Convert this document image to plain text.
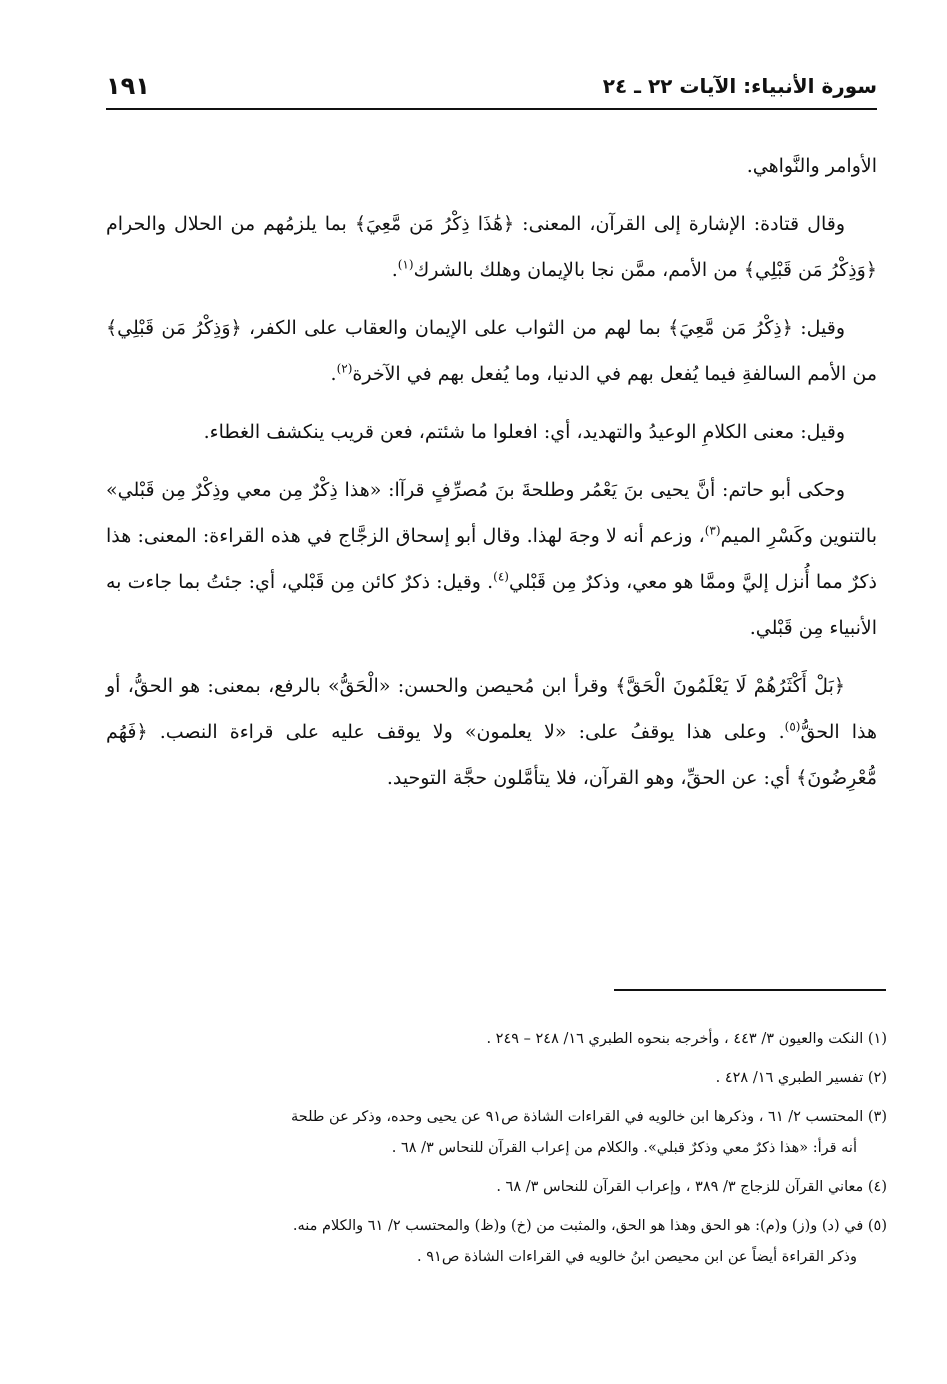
سورة الأنبياء: الآيات ٢٢ ـ ٢٤
١٩١

الأوامر والنَّواهي.

وقال قتادة: الإشارة إلى القرآن، المعنى: ﴿هَٰذَا ذِكْرُ مَن مَّعِيَ﴾ بما يلزمُهم من الحلال والحرام ﴿وَذِكْرُ مَن قَبْلِي﴾ من الأمم، ممَّن نجا بالإيمان وهلك بالشرك$^{(١)}$.

وقيل: ﴿ذِكْرُ مَن مَّعِيَ﴾ بما لهم من الثواب على الإيمان والعقاب على الكفر، ﴿وَذِكْرُ مَن قَبْلِي﴾ من الأمم السالفةِ فيما يُفعل بهم في الدنيا، وما يُفعل بهم في الآخرة$^{(٢)}$.

وقيل: معنى الكلامِ الوعيدُ والتهديد، أي: افعلوا ما شئتم، فعن قريب ينكشف الغطاء.

وحكى أبو حاتم: أنَّ يحيى بنَ يَعْمُر وطلحةَ بنَ مُصرِّفٍ قرآا: «هذا ذِكْرٌ مِن معي وذِكْرٌ مِن قَبْلي» بالتنوين وكَسْرِ الميم$^{(٣)}$، وزعم أنه لا وجهَ لهذا. وقال أبو إسحاق الزجَّاج في هذه القراءة: المعنى: هذا ذكرٌ مما أُنزل إليَّ وممَّا هو معي، وذكرٌ مِن قَبْلي$^{(٤)}$. وقيل: ذكرٌ كائن مِن قَبْلي، أي: جئتُ بما جاءت به الأنبياء مِن قَبْلي.

﴿بَلْ أَكْثَرُهُمْ لَا يَعْلَمُونَ الْحَقَّ﴾ وقرأ ابن مُحيصن والحسن: «الْحَقُّ» بالرفع، بمعنى: هو الحقُّ، أو هذا الحقُّ$^{(٥)}$. وعلى هذا يوقفُ على: «لا يعلمون» ولا يوقف عليه على قراءة النصب. ﴿فَهُم مُّعْرِضُونَ﴾ أي: عن الحقِّ، وهو القرآن، فلا يتأمَّلون حجَّة التوحيد.

(١) النكت والعيون ٣/ ٤٤٣ ، وأخرجه بنحوه الطبري ١٦/ ٢٤٨ – ٢٤٩ .

(٢) تفسير الطبري ١٦/ ٤٢٨ .

(٣) المحتسب ٢/ ٦١ ، وذكرها ابن خالويه في القراءات الشاذة ص٩١ عن يحيى وحده، وذكر عن طلحة

أنه قرأ: «هذا ذكرٌ معي وذكرٌ قبلي». والكلام من إعراب القرآن للنحاس ٣/ ٦٨ .

(٤) معاني القرآن للزجاج ٣/ ٣٨٩ ، وإعراب القرآن للنحاس ٣/ ٦٨ .

(٥) في (د) و(ز) و(م): هو الحق وهذا هو الحق، والمثبت من (خ) و(ظ) والمحتسب ٢/ ٦١ والكلام منه.

وذكر القراءة أيضاً عن ابن محيصن ابنُ خالويه في القراءات الشاذة ص٩١ .
